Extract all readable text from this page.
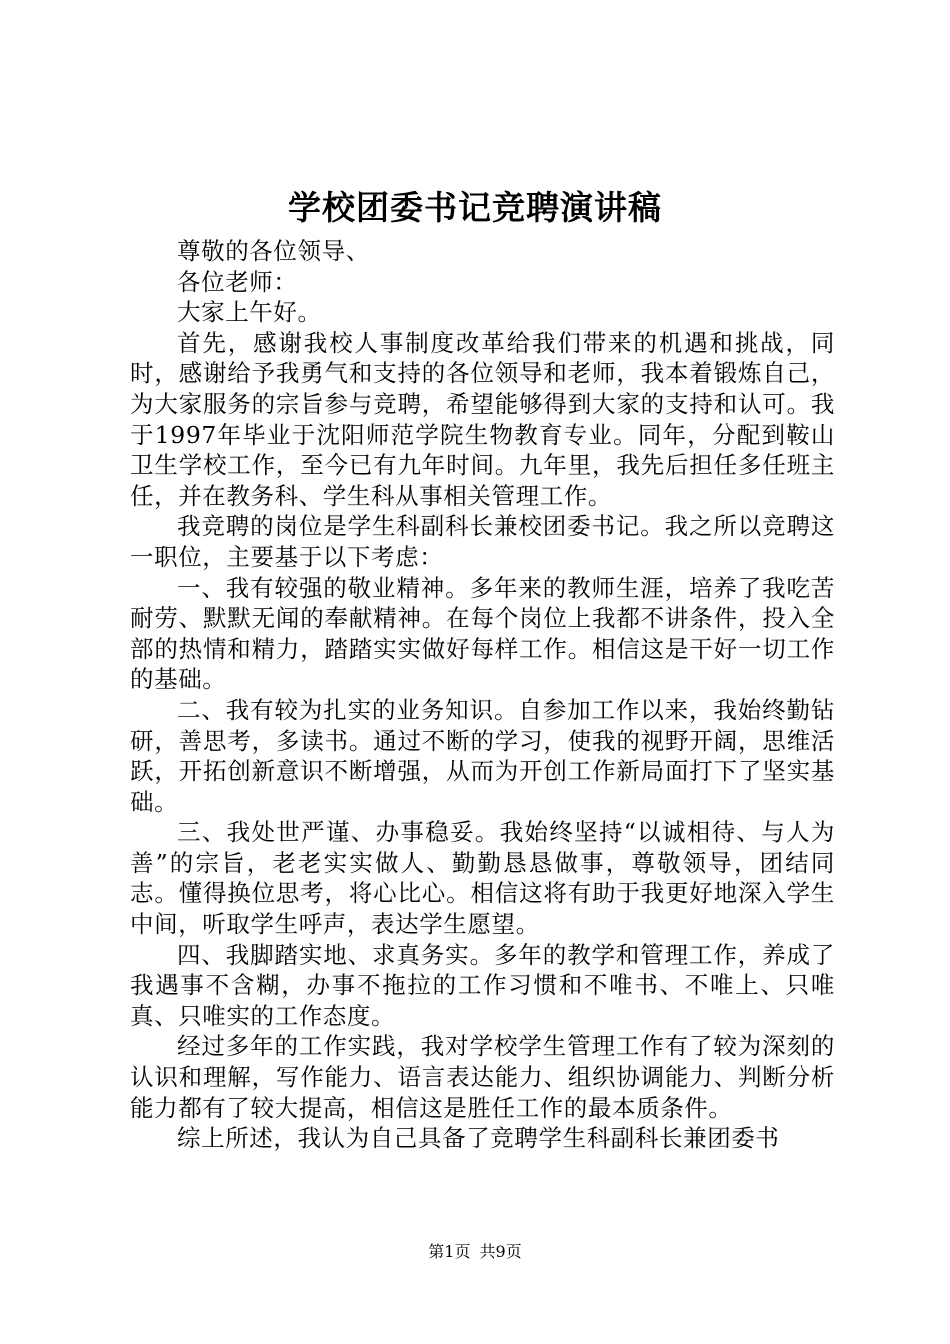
学校团委书记竞聘演讲稿

尊敬的各位领导、

各位老师：

大家上午好。

首先，感谢我校人事制度改革给我们带来的机遇和挑战，同时，感谢给予我勇气和支持的各位领导和老师，我本着锻炼自己，为大家服务的宗旨参与竞聘，希望能够得到大家的支持和认可。我于1997年毕业于沈阳师范学院生物教育专业。同年，分配到鞍山卫生学校工作，至今已有九年时间。九年里，我先后担任多任班主任，并在教务科、学生科从事相关管理工作。

我竞聘的岗位是学生科副科长兼校团委书记。我之所以竞聘这一职位，主要基于以下考虑：

一、我有较强的敬业精神。多年来的教师生涯，培养了我吃苦耐劳、默默无闻的奉献精神。在每个岗位上我都不讲条件，投入全部的热情和精力，踏踏实实做好每样工作。相信这是干好一切工作的基础。

二、我有较为扎实的业务知识。自参加工作以来，我始终勤钻研，善思考，多读书。通过不断的学习，使我的视野开阔，思维活跃，开拓创新意识不断增强，从而为开创工作新局面打下了坚实基础。

三、我处世严谨、办事稳妥。我始终坚持“以诚相待、与人为善”的宗旨，老老实实做人、勤勤恳恳做事，尊敬领导，团结同志。懂得换位思考，将心比心。相信这将有助于我更好地深入学生中间，听取学生呼声，表达学生愿望。

四、我脚踏实地、求真务实。多年的教学和管理工作，养成了我遇事不含糊，办事不拖拉的工作习惯和不唯书、不唯上、只唯真、只唯实的工作态度。

经过多年的工作实践，我对学校学生管理工作有了较为深刻的认识和理解，写作能力、语言表达能力、组织协调能力、判断分析能力都有了较大提高，相信这是胜任工作的最本质条件。

综上所述，我认为自己具备了竞聘学生科副科长兼团委书

第1页 共9页
